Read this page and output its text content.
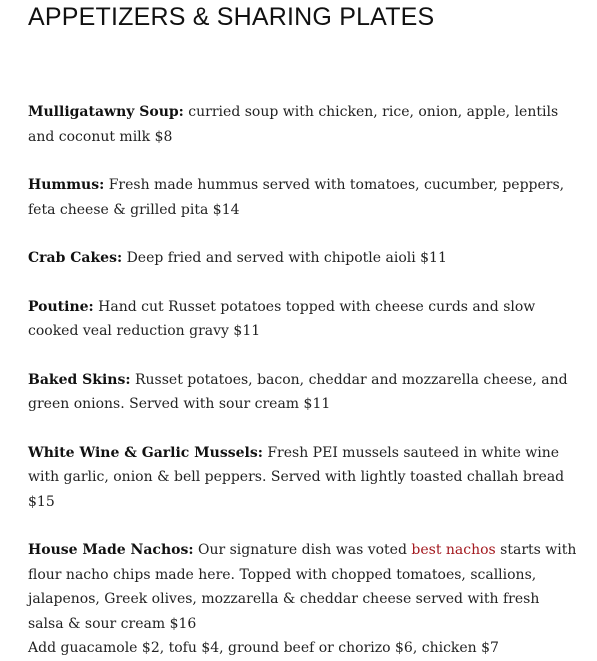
APPETIZERS & SHARING PLATES

Mulligatawny Soup: curried soup with chicken, rice, onion, apple, lentils and coconut milk $8

Hummus: Fresh made hummus served with tomatoes, cucumber, peppers, feta cheese & grilled pita $14

Crab Cakes: Deep fried and served with chipotle aioli $11

Poutine: Hand cut Russet potatoes topped with cheese curds and slow cooked veal reduction gravy $11

Baked Skins: Russet potatoes, bacon, cheddar and mozzarella cheese, and green onions. Served with sour cream $11

White Wine & Garlic Mussels: Fresh PEI mussels sauteed in white wine with garlic, onion & bell peppers. Served with lightly toasted challah bread $15

House Made Nachos: Our signature dish was voted best nachos starts with flour nacho chips made here. Topped with chopped tomatoes, scallions, jalapenos, Greek olives, mozzarella & cheddar cheese served with fresh salsa & sour cream $16
Add guacamole $2, tofu $4, ground beef or chorizo $6, chicken $7
